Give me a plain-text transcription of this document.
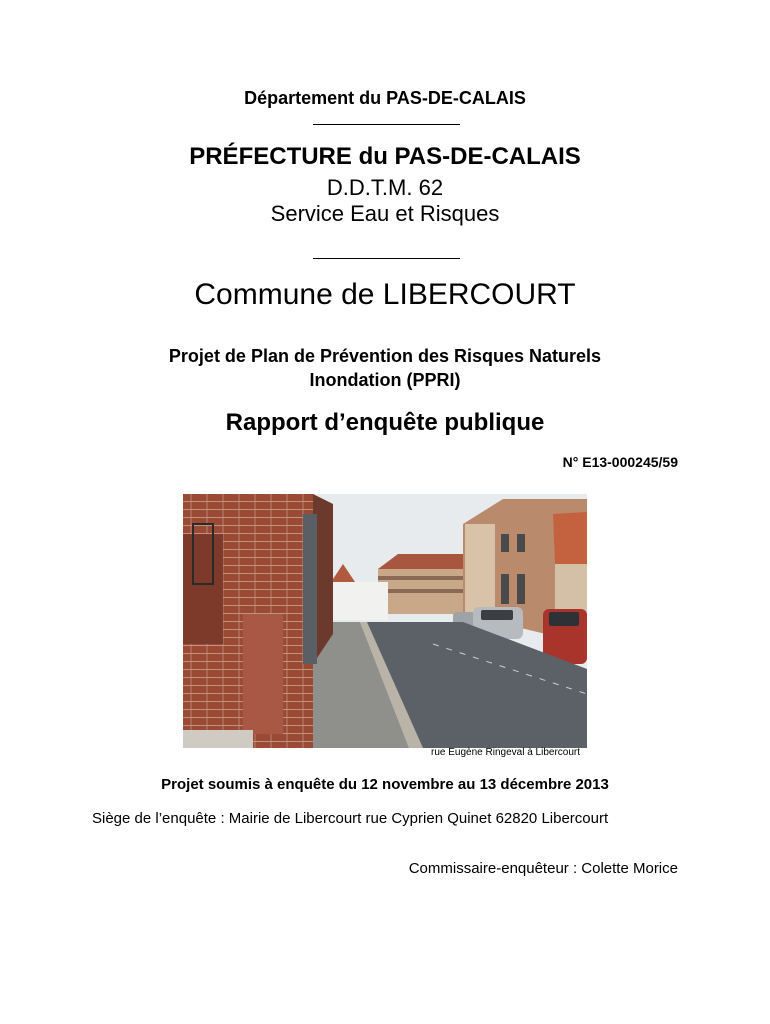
Département du PAS-DE-CALAIS
PRÉFECTURE du PAS-DE-CALAIS
D.D.T.M. 62
Service Eau et Risques
Commune de LIBERCOURT
Projet de Plan de Prévention des Risques Naturels
Inondation (PPRI)
Rapport d’enquête publique
N° E13-000245/59
rue Eugène Ringeval à Libercourt
Projet soumis à enquête du 12 novembre au 13 décembre 2013
Siège de l’enquête : Mairie de Libercourt rue Cyprien Quinet 62820 Libercourt
Commissaire-enquêteur : Colette Morice
